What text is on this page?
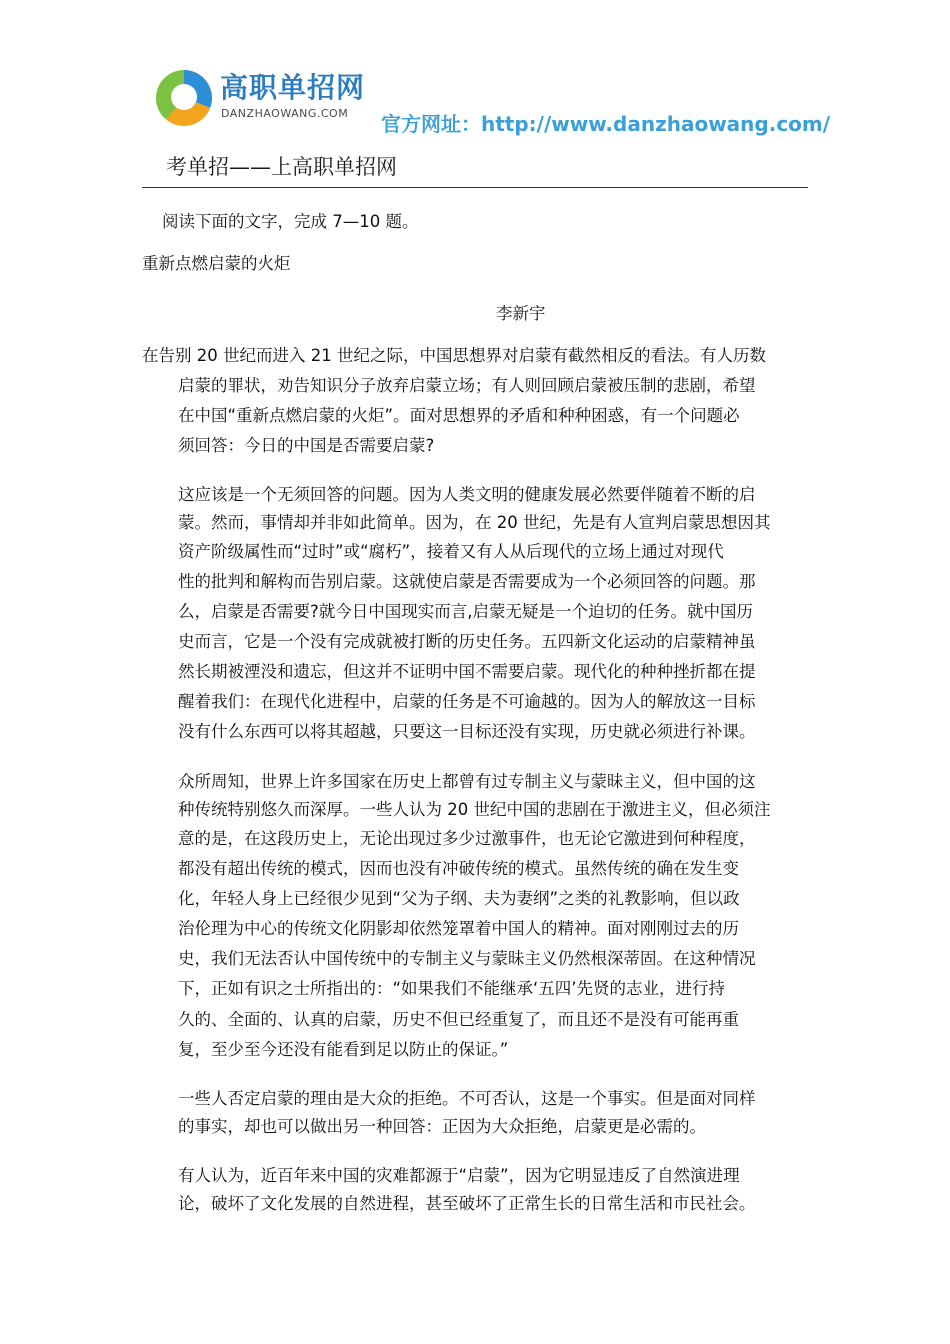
高职单招网
DANZHAOWANG.COM 官方网址：http://www.danzhaowang.com/
考单招——上高职单招网
阅读下面的文字，完成 7—10 题。
重新点燃启蒙的火炬
李新宇
在告别 20 世纪而进入 21 世纪之际，中国思想界对启蒙有截然相反的看法。有人历数
启蒙的罪状，劝告知识分子放弃启蒙立场；有人则回顾启蒙被压制的悲剧，希望
在中国“重新点燃启蒙的火炬”。面对思想界的矛盾和种种困惑，有一个问题必
须回答：今日的中国是否需要启蒙?
这应该是一个无须回答的问题。因为人类文明的健康发展必然要伴随着不断的启
蒙。然而，事情却并非如此简单。因为，在 20 世纪，先是有人宣判启蒙思想因其
资产阶级属性而“过时”或“腐朽”，接着又有人从后现代的立场上通过对现代
性的批判和解构而告别启蒙。这就使启蒙是否需要成为一个必须回答的问题。那
么，启蒙是否需要?就今日中国现实而言,启蒙无疑是一个迫切的任务。就中国历
史而言，它是一个没有完成就被打断的历史任务。五四新文化运动的启蒙精神虽
然长期被湮没和遗忘，但这并不证明中国不需要启蒙。现代化的种种挫折都在提
醒着我们：在现代化进程中，启蒙的任务是不可逾越的。因为人的解放这一目标
没有什么东西可以将其超越，只要这一目标还没有实现，历史就必须进行补课。
众所周知，世界上许多国家在历史上都曾有过专制主义与蒙昧主义，但中国的这
种传统特别悠久而深厚。一些人认为 20 世纪中国的悲剧在于激进主义，但必须注
意的是，在这段历史上，无论出现过多少过激事件，也无论它激进到何种程度，
都没有超出传统的模式，因而也没有冲破传统的模式。虽然传统的确在发生变
化，年轻人身上已经很少见到“父为子纲、夫为妻纲”之类的礼教影响，但以政
治伦理为中心的传统文化阴影却依然笼罩着中国人的精神。面对刚刚过去的历
史，我们无法否认中国传统中的专制主义与蒙昧主义仍然根深蒂固。在这种情况
下，正如有识之士所指出的：“如果我们不能继承‘五四’先贤的志业，进行持
久的、全面的、认真的启蒙，历史不但已经重复了，而且还不是没有可能再重
复，至少至今还没有能看到足以防止的保证。”
一些人否定启蒙的理由是大众的拒绝。不可否认，这是一个事实。但是面对同样
的事实，却也可以做出另一种回答：正因为大众拒绝，启蒙更是必需的。
有人认为，近百年来中国的灾难都源于“启蒙”，因为它明显违反了自然演进理
论，破坏了文化发展的自然进程，甚至破坏了正常生长的日常生活和市民社会。
